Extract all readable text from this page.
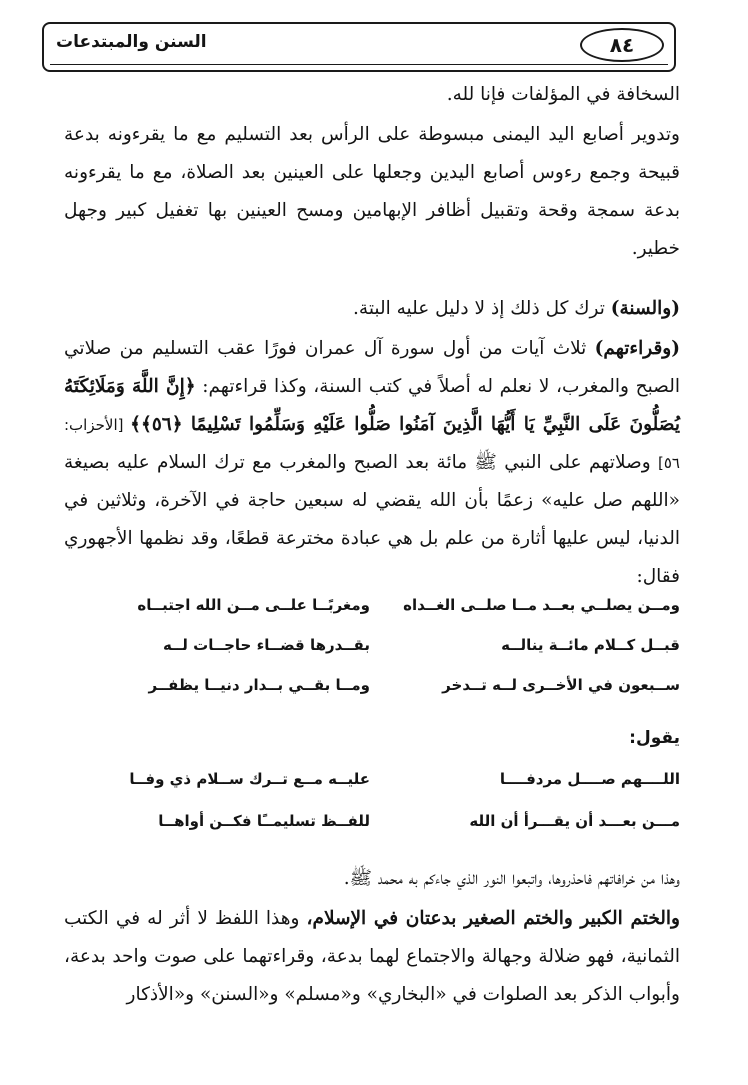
٨٤
السنن والمبتدعات

السخافة في المؤلفات فإنا لله.

وتدوير أصابع اليد اليمنى مبسوطة على الرأس بعد التسليم مع ما يقرءونه بدعة قبيحة وجمع رءوس أصابع اليدين وجعلها على العينين بعد الصلاة، مع ما يقرءونه بدعة سمجة وقحة وتقبيل أظافر الإبهامين ومسح العينين بها تغفيل كبير وجهل خطير.

(والسنة) ترك كل ذلك إذ لا دليل عليه البتة.

(وقراءتهم) ثلاث آيات من أول سورة آل عمران فورًا عقب التسليم من صلاتي الصبح والمغرب، لا نعلم له أصلاً في كتب السنة، وكذا قراءتهم: ﴿إِنَّ اللَّهَ وَمَلَائِكَتَهُ يُصَلُّونَ عَلَى النَّبِيِّ يَا أَيُّهَا الَّذِينَ آمَنُوا صَلُّوا عَلَيْهِ وَسَلِّمُوا تَسْلِيمًا ﴿٥٦﴾﴾ [الأحزاب: ٥٦] وصلاتهم على النبي ﷺ مائة بعد الصبح والمغرب مع ترك السلام عليه بصيغة «اللهم صل عليه» زعمًا بأن الله يقضي له سبعين حاجة في الآخرة، وثلاثين في الدنيا، ليس عليها أثارة من علم بل هي عبادة مخترعة قطعًا، وقد نظمها الأجهوري فقال:

ومــن يصلــي بعــد مــا صلــى الغــداه
ومغربًــا علــى مــن الله اجتبــاه
قبــل كــلام مائــة ينالــه
بقــدرها قضــاء حاجــات لــه
ســبعون في الأخــرى لــه تــدخر
ومــا بقــي بــدار دنيــا يظفــر
يقول:
اللــــهم صــــل مردفــــا
عليــه مــع تــرك ســلام ذي وفــا
مـــن بعـــد أن يقـــرأ أن الله
للفــظ تسليمــًا فكــن أواهــا

وهذا من خرافاتهم فاحذروها، واتبعوا النور الذي جاءكم به محمد ﷺ.

والختم الكبير والختم الصغير بدعتان في الإسلام، وهذا اللفظ لا أثر له في الكتب الثمانية، فهو ضلالة وجهالة والاجتماع لهما بدعة، وقراءتهما على صوت واحد بدعة، وأبواب الذكر بعد الصلوات في «البخاري» و«مسلم» و«السنن» و«الأذكار
